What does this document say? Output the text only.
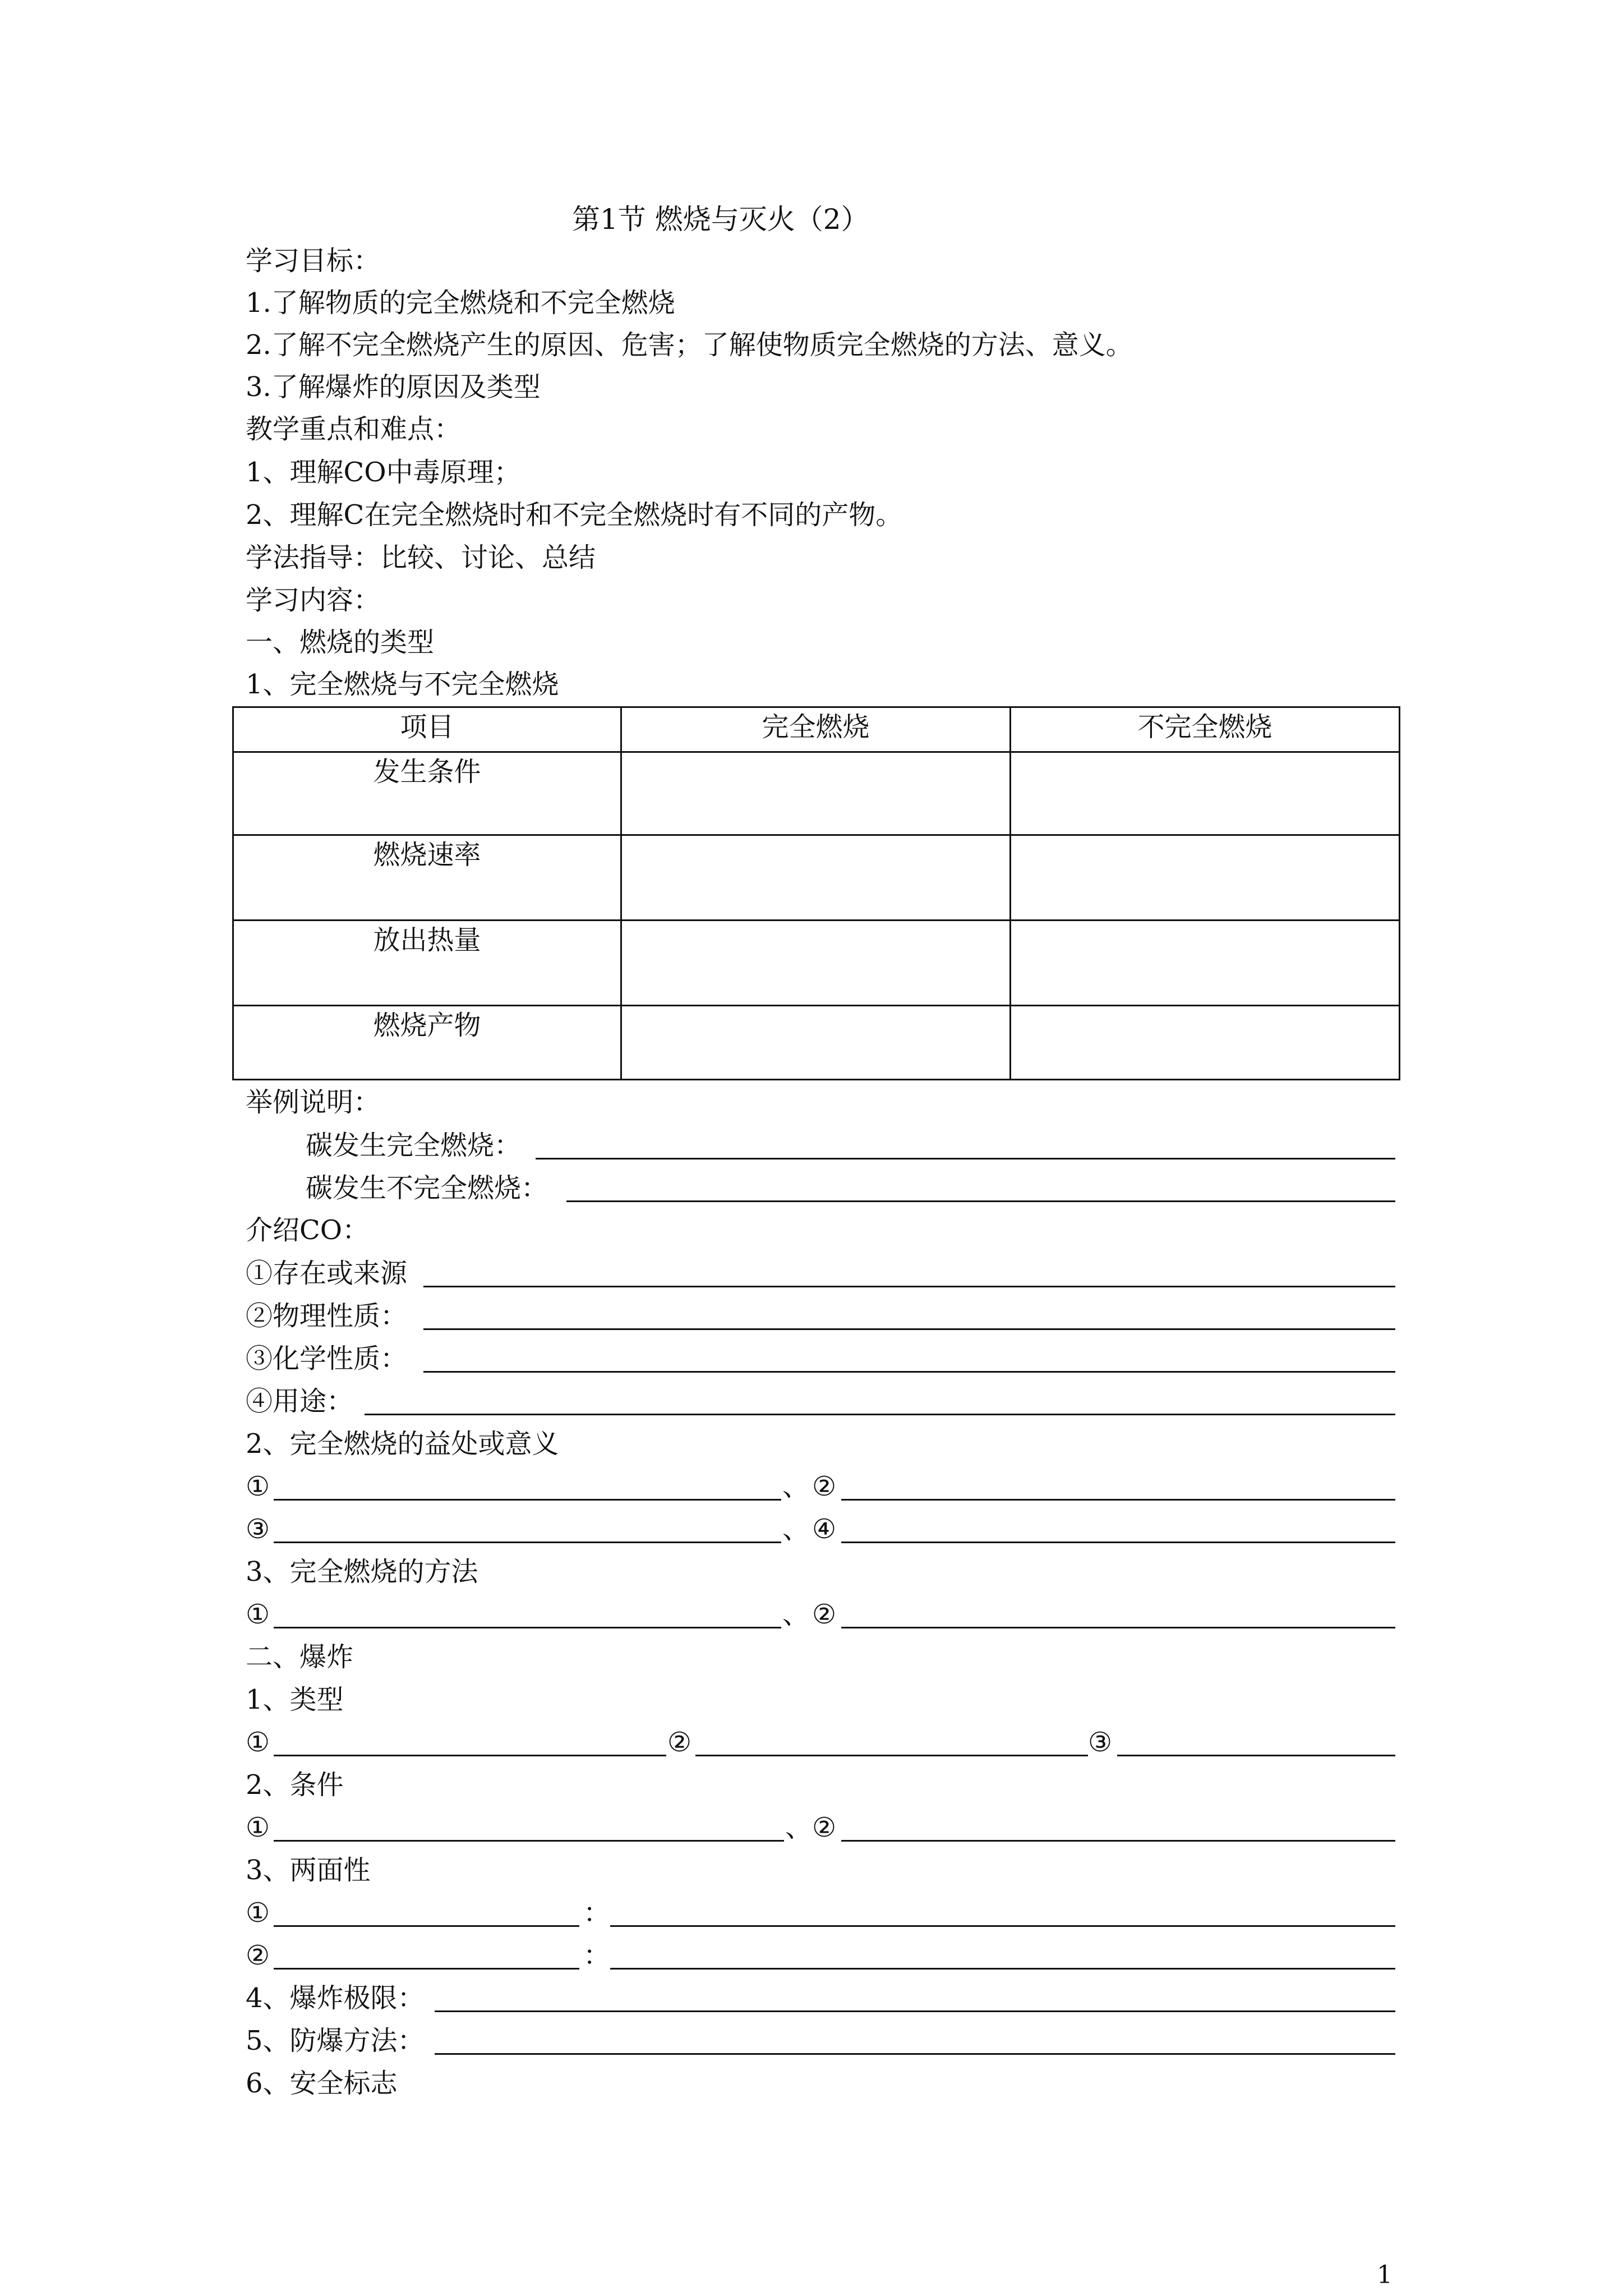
第1节 燃烧与灭火（2）
学习目标：
1.了解物质的完全燃烧和不完全燃烧
2.了解不完全燃烧产生的原因、危害；了解使物质完全燃烧的方法、意义。
3.了解爆炸的原因及类型
教学重点和难点：
1、理解CO中毒原理；
2、理解C在完全燃烧时和不完全燃烧时有不同的产物。
学法指导：比较、讨论、总结
学习内容：
一、燃烧的类型
1、完全燃烧与不完全燃烧
项目	完全燃烧	不完全燃烧
发生条件		
燃烧速率		
放出热量		
燃烧产物		
举例说明：
碳发生完全燃烧：
碳发生不完全燃烧：
介绍CO：
①存在或来源
②物理性质：
③化学性质：
④用途：
2、完全燃烧的益处或意义
①	、 ②
③	、 ④
3、完全燃烧的方法
①	、 ②
二、爆炸
1、类型
①	②	③
2、条件
①	、 ②
3、两面性
①	：
②	：
4、爆炸极限：
5、防爆方法：
6、安全标志
1
